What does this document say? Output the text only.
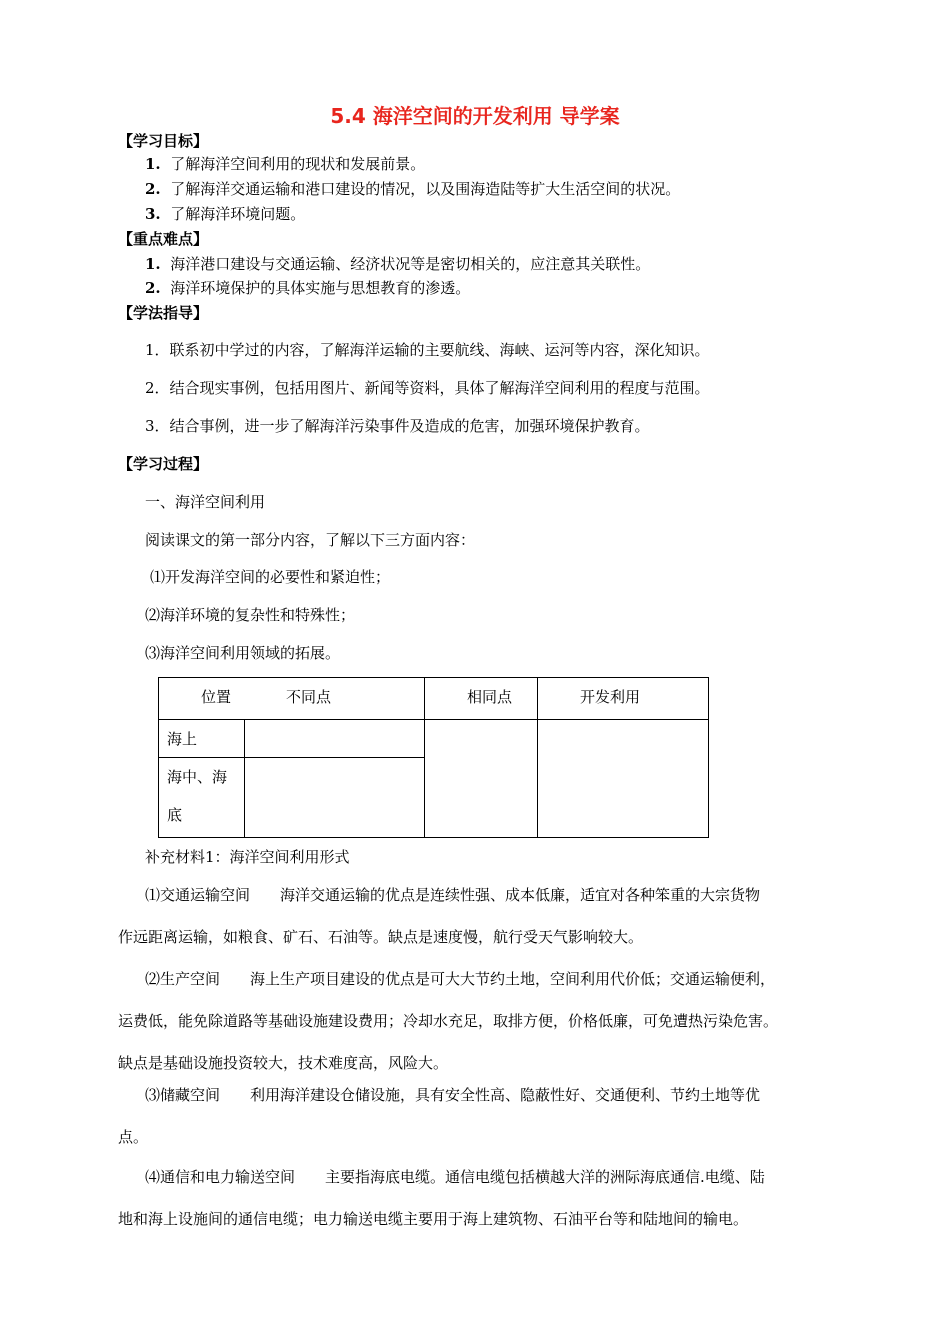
5.4 海洋空间的开发利用 导学案
【学习目标】
1. 了解海洋空间利用的现状和发展前景。
2. 了解海洋交通运输和港口建设的情况，以及围海造陆等扩大生活空间的状况。
3. 了解海洋环境问题。
【重点难点】
1. 海洋港口建设与交通运输、经济状况等是密切相关的，应注意其关联性。
2. 海洋环境保护的具体实施与思想教育的渗透。
【学法指导】
1．联系初中学过的内容，了解海洋运输的主要航线、海峡、运河等内容，深化知识。
2．结合现实事例，包括用图片、新闻等资料，具体了解海洋空间利用的程度与范围。
3．结合事例，进一步了解海洋污染事件及造成的危害，加强环境保护教育。
【学习过程】
一、海洋空间利用
阅读课文的第一部分内容，了解以下三方面内容：
⑴开发海洋空间的必要性和紧迫性；
⑵海洋环境的复杂性和特殊性；
⑶海洋空间利用领域的拓展。
位置	不同点	相同点	开发利用

海上			

海中、海
底			

补充材料1：海洋空间利用形式
⑴交通运输空间　　海洋交通运输的优点是连续性强、成本低廉，适宜对各种笨重的大宗货物
作远距离运输，如粮食、矿石、石油等。缺点是速度慢，航行受天气影响较大。
⑵生产空间　　海上生产项目建设的优点是可大大节约土地，空间利用代价低；交通运输便利，
运费低，能免除道路等基础设施建设费用；冷却水充足，取排方便，价格低廉，可免遭热污染危害。
缺点是基础设施投资较大，技术难度高，风险大。
⑶储藏空间　　利用海洋建设仓储设施，具有安全性高、隐蔽性好、交通便利、节约土地等优
点。
⑷通信和电力输送空间　　主要指海底电缆。通信电缆包括横越大洋的洲际海底通信.电缆、陆
地和海上设施间的通信电缆；电力输送电缆主要用于海上建筑物、石油平台等和陆地间的输电。
